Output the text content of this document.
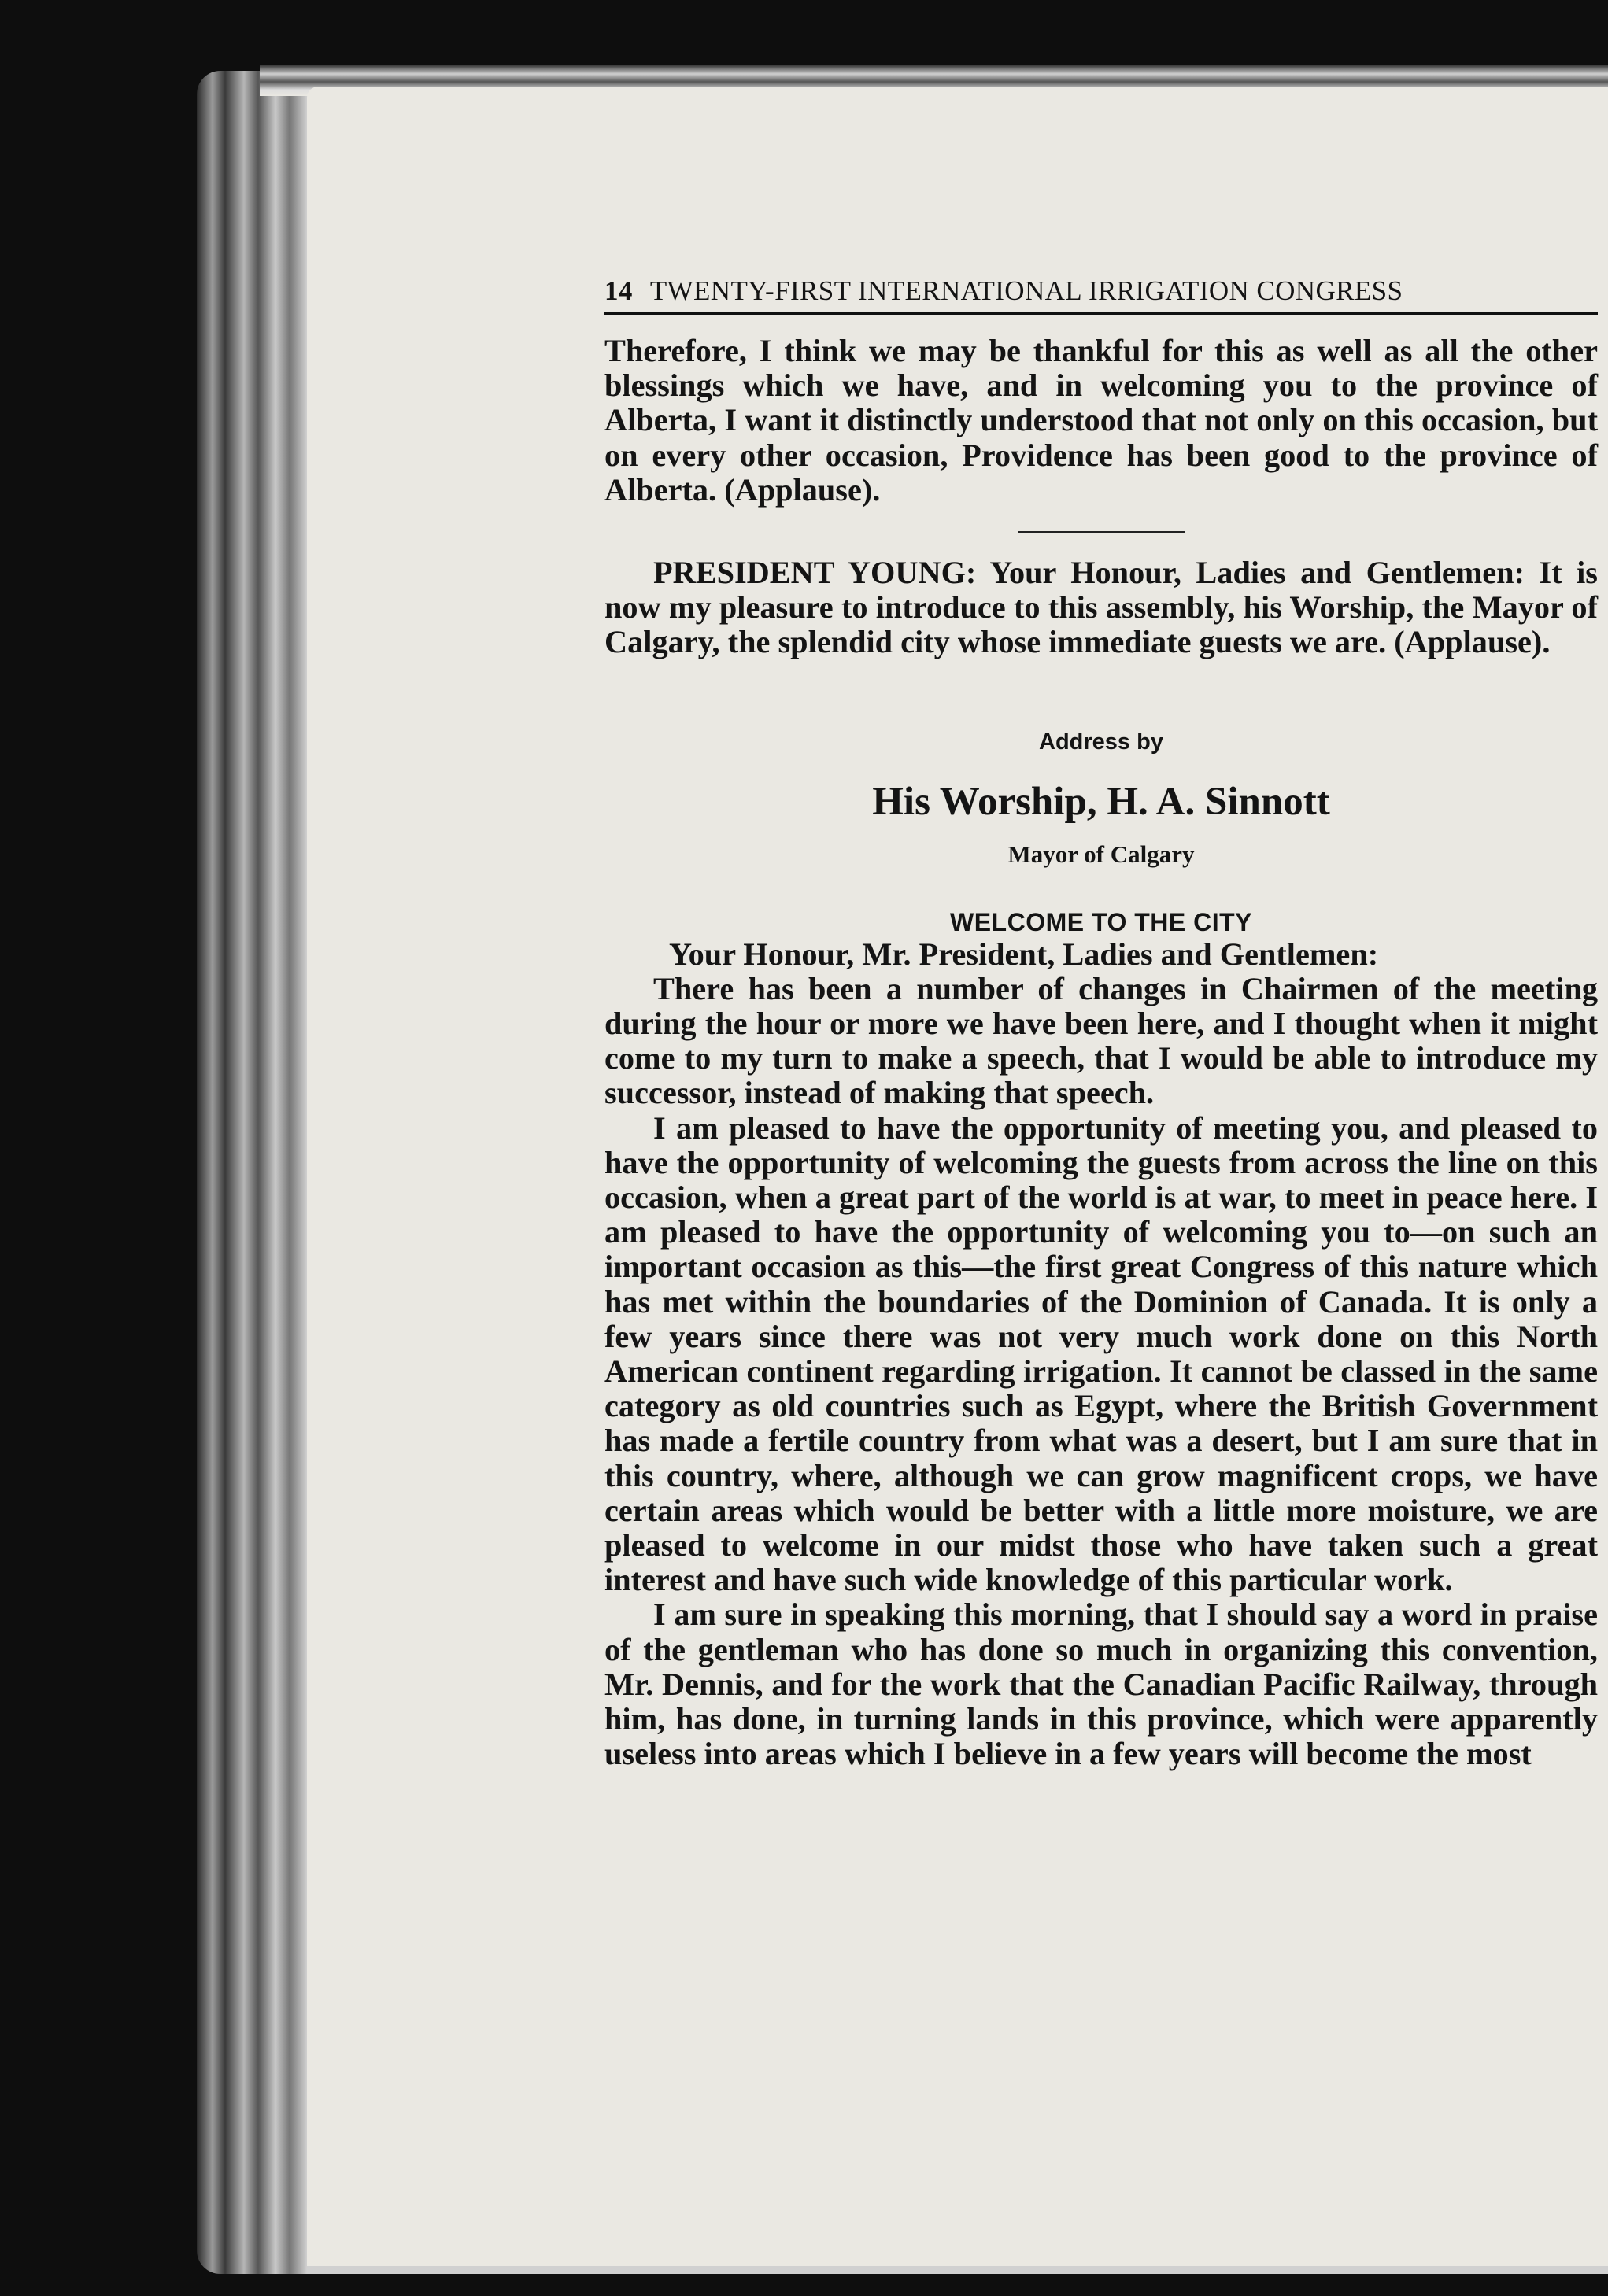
14 TWENTY-FIRST INTERNATIONAL IRRIGATION CONGRESS

Therefore, I think we may be thankful for this as well as all the other blessings which we have, and in welcoming you to the province of Alberta, I want it distinctly understood that not only on this occasion, but on every other occasion, Providence has been good to the province of Alberta. (Applause).

PRESIDENT YOUNG: Your Honour, Ladies and Gentlemen: It is now my pleasure to introduce to this assembly, his Worship, the Mayor of Calgary, the splendid city whose immediate guests we are. (Applause).

Address by
His Worship, H. A. Sinnott
Mayor of Calgary
WELCOME TO THE CITY

Your Honour, Mr. President, Ladies and Gentlemen:

There has been a number of changes in Chairmen of the meeting during the hour or more we have been here, and I thought when it might come to my turn to make a speech, that I would be able to introduce my successor, instead of making that speech.

I am pleased to have the opportunity of meeting you, and pleased to have the opportunity of welcoming the guests from across the line on this occasion, when a great part of the world is at war, to meet in peace here. I am pleased to have the opportunity of welcoming you to—on such an important occasion as this—the first great Congress of this nature which has met within the boundaries of the Dominion of Canada. It is only a few years since there was not very much work done on this North American continent regarding irrigation. It cannot be classed in the same category as old countries such as Egypt, where the British Government has made a fertile country from what was a desert, but I am sure that in this country, where, although we can grow magnificent crops, we have certain areas which would be better with a little more moisture, we are pleased to welcome in our midst those who have taken such a great interest and have such wide knowledge of this particular work.

I am sure in speaking this morning, that I should say a word in praise of the gentleman who has done so much in organizing this convention, Mr. Dennis, and for the work that the Canadian Pacific Railway, through him, has done, in turning lands in this province, which were apparently useless into areas which I believe in a few years will become the most
